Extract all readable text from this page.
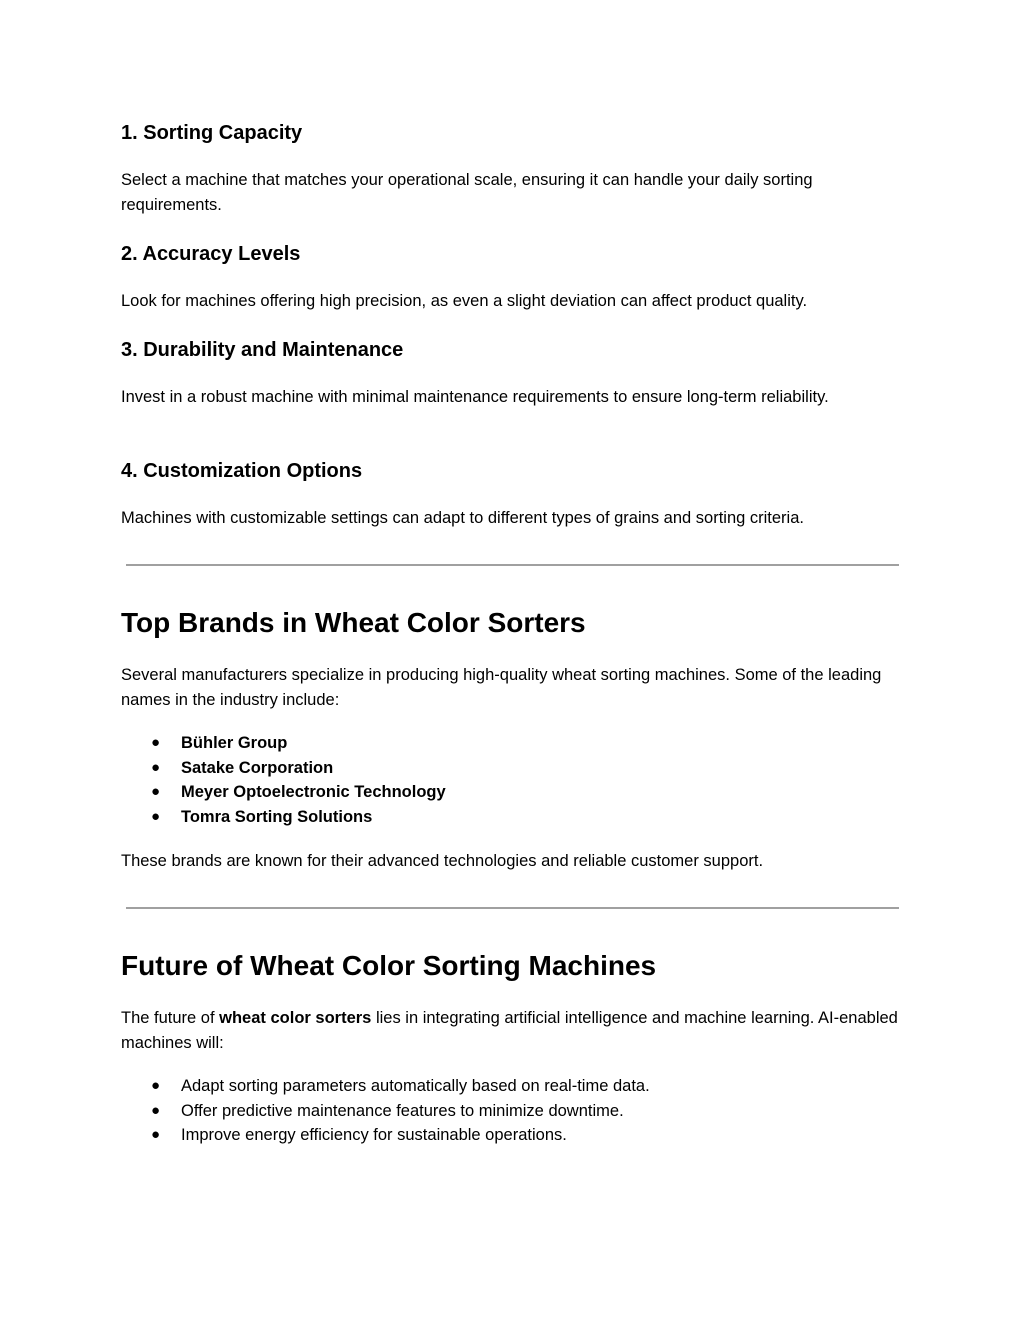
1. Sorting Capacity

Select a machine that matches your operational scale, ensuring it can handle your daily sorting requirements.

2. Accuracy Levels

Look for machines offering high precision, as even a slight deviation can affect product quality.

3. Durability and Maintenance

Invest in a robust machine with minimal maintenance requirements to ensure long-term reliability.

4. Customization Options

Machines with customizable settings can adapt to different types of grains and sorting criteria.

Top Brands in Wheat Color Sorters

Several manufacturers specialize in producing high-quality wheat sorting machines. Some of the leading names in the industry include:

● Bühler Group
● Satake Corporation
● Meyer Optoelectronic Technology
● Tomra Sorting Solutions

These brands are known for their advanced technologies and reliable customer support.

Future of Wheat Color Sorting Machines

The future of wheat color sorters lies in integrating artificial intelligence and machine learning. AI-enabled machines will:

● Adapt sorting parameters automatically based on real-time data.
● Offer predictive maintenance features to minimize downtime.
● Improve energy efficiency for sustainable operations.
